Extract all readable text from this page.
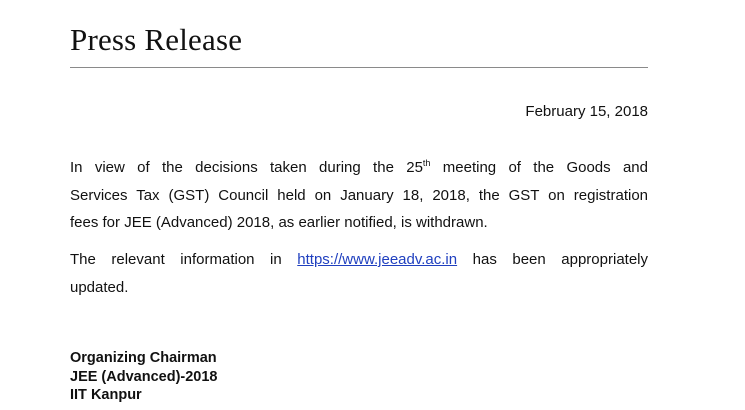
Press Release
February 15, 2018
In view of the decisions taken during the 25th meeting of the Goods and
Services Tax (GST) Council held on January 18, 2018, the GST on registration
fees for JEE (Advanced) 2018, as earlier notified, is withdrawn.
The relevant information in https://www.jeeadv.ac.in has been appropriately
updated.
Organizing Chairman
JEE (Advanced)-2018
IIT Kanpur
